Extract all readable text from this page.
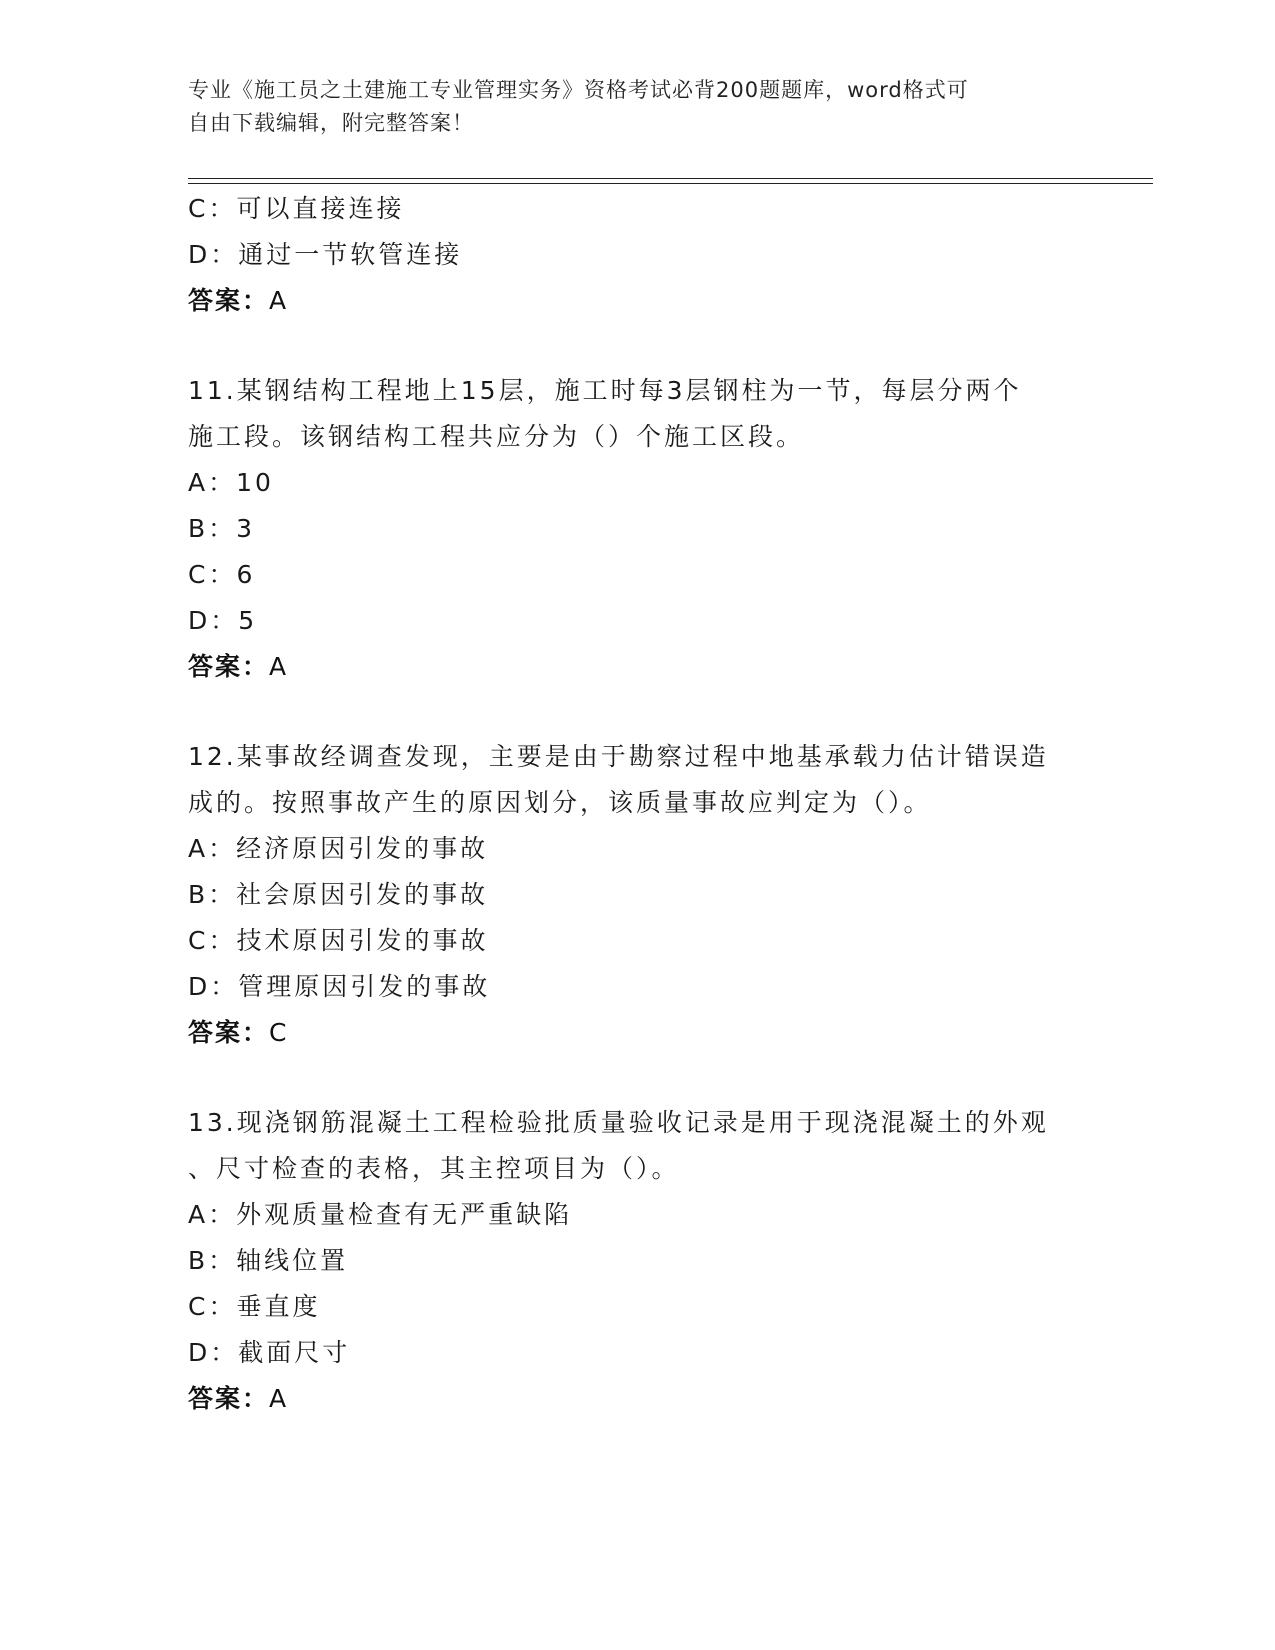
专业《施工员之土建施工专业管理实务》资格考试必背200题题库，word格式可
自由下载编辑，附完整答案！
C：可以直接连接
D：通过一节软管连接
答案：A
11.某钢结构工程地上15层，施工时每3层钢柱为一节，每层分两个
施工段。该钢结构工程共应分为（）个施工区段。
A：10
B：3
C：6
D：5
答案：A
12.某事故经调查发现，主要是由于勘察过程中地基承载力估计错误造
成的。按照事故产生的原因划分，该质量事故应判定为（）。
A：经济原因引发的事故
B：社会原因引发的事故
C：技术原因引发的事故
D：管理原因引发的事故
答案：C
13.现浇钢筋混凝土工程检验批质量验收记录是用于现浇混凝土的外观
、尺寸检查的表格，其主控项目为（）。
A：外观质量检查有无严重缺陷
B：轴线位置
C：垂直度
D：截面尺寸
答案：A
